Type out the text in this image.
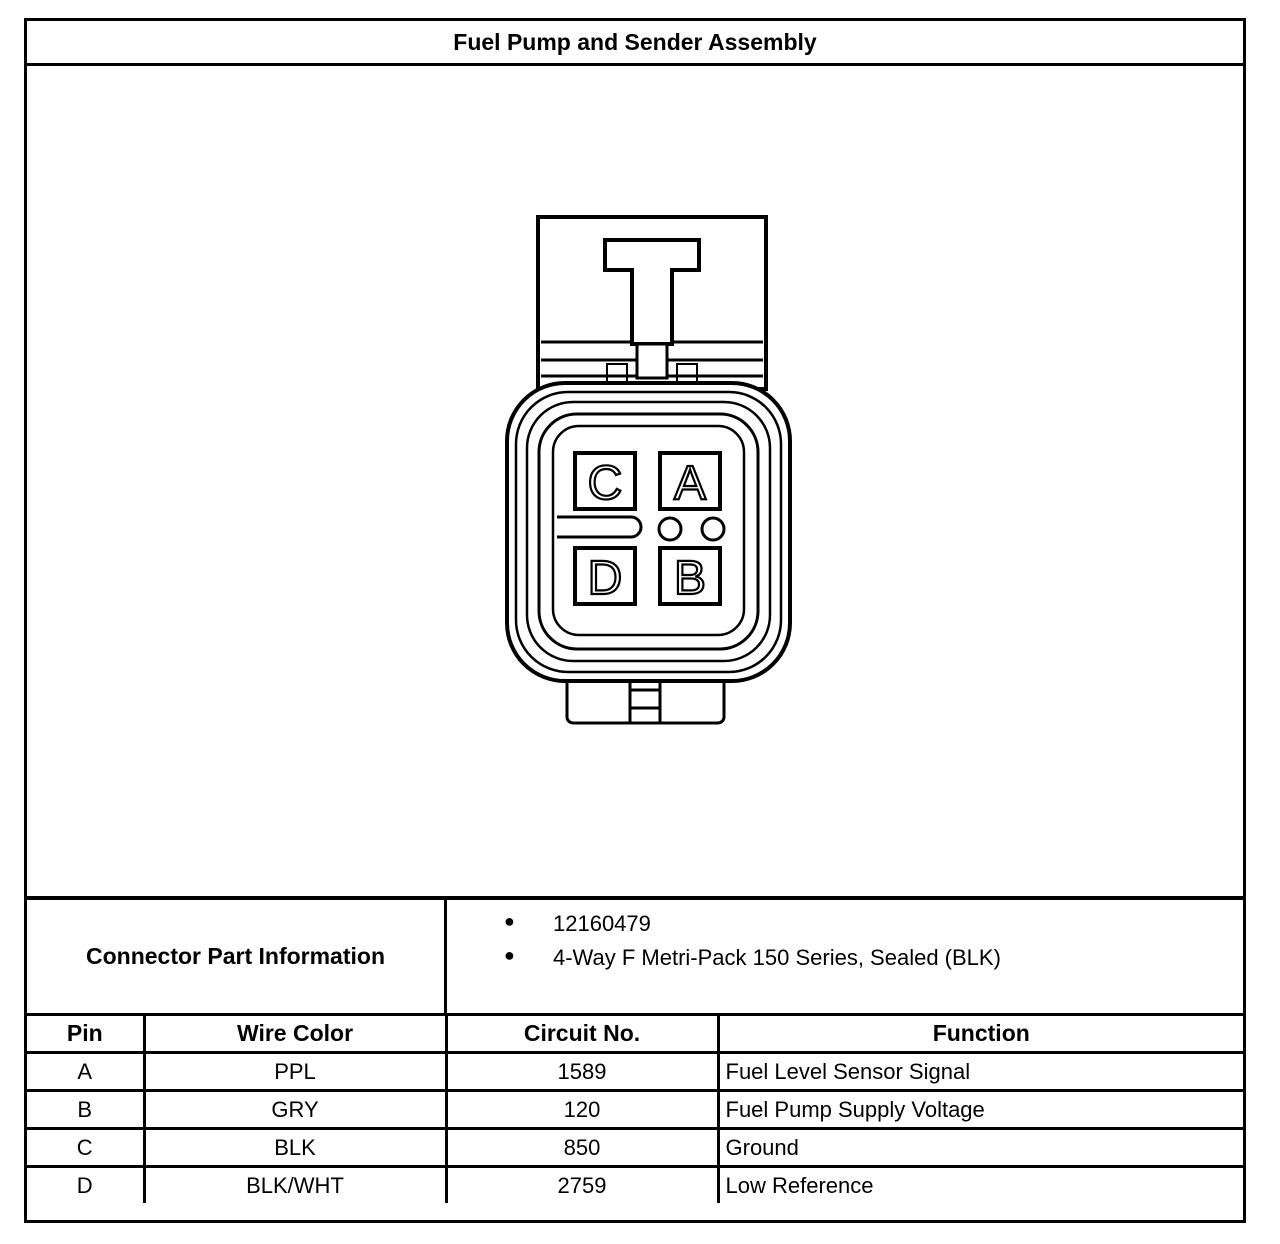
Fuel Pump and Sender Assembly
C A
D B
Connector Part Information
● 12160479
● 4-Way F Metri-Pack 150 Series, Sealed (BLK)
Pin	Wire Color	Circuit No.	Function
A	PPL	1589	Fuel Level Sensor Signal
B	GRY	120	Fuel Pump Supply Voltage
C	BLK	850	Ground
D	BLK/WHT	2759	Low Reference
